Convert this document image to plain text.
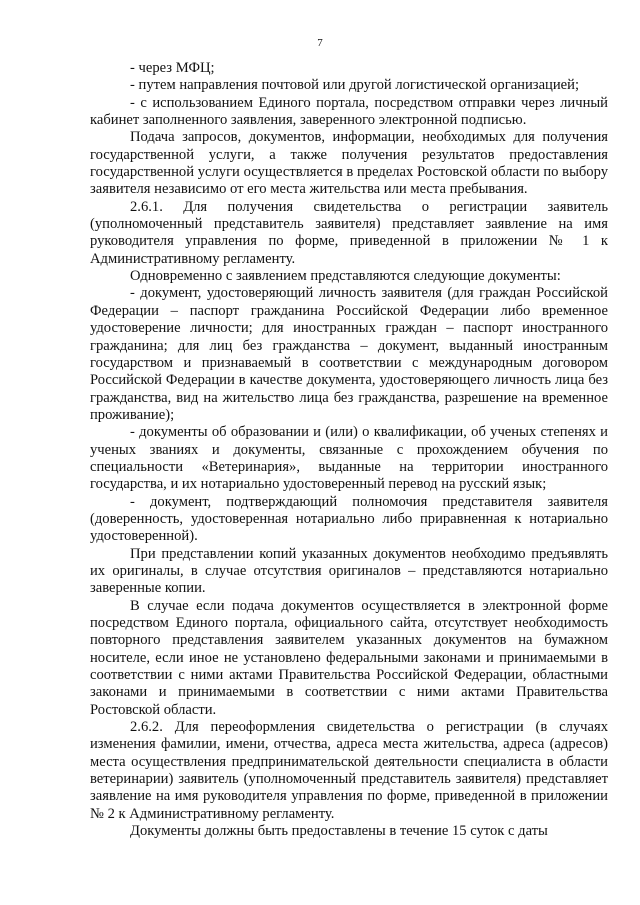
7

- через МФЦ;

- путем направления почтовой или другой логистической организацией;

- с использованием Единого портала, посредством отправки через личный кабинет заполненного заявления, заверенного электронной подписью.

Подача запросов, документов, информации, необходимых для получения государственной услуги, а также получения результатов предоставления государственной услуги осуществляется в пределах Ростовской области по выбору заявителя независимо от его места жительства или места пребывания.

2.6.1. Для получения свидетельства о регистрации заявитель (уполномоченный представитель заявителя) представляет заявление на имя руководителя управления по форме, приведенной в приложении № 1 к Административному регламенту.

Одновременно с заявлением представляются следующие документы:

- документ, удостоверяющий личность заявителя (для граждан Российской Федерации – паспорт гражданина Российской Федерации либо временное удостоверение личности; для иностранных граждан – паспорт иностранного гражданина; для лиц без гражданства – документ, выданный иностранным государством и признаваемый в соответствии с международным договором Российской Федерации в качестве документа, удостоверяющего личность лица без гражданства, вид на жительство лица без гражданства, разрешение на временное проживание);

- документы об образовании и (или) о квалификации, об ученых степенях и ученых званиях и документы, связанные с прохождением обучения по специальности «Ветеринария», выданные на территории иностранного государства, и их нотариально удостоверенный перевод на русский язык;

- документ, подтверждающий полномочия представителя заявителя (доверенность, удостоверенная нотариально либо приравненная к нотариально удостоверенной).

При представлении копий указанных документов необходимо предъявлять их оригиналы, в случае отсутствия оригиналов – представляются нотариально заверенные копии.

В случае если подача документов осуществляется в электронной форме посредством Единого портала, официального сайта, отсутствует необходимость повторного представления заявителем указанных документов на бумажном носителе, если иное не установлено федеральными законами и принимаемыми в соответствии с ними актами Правительства Российской Федерации, областными законами и принимаемыми в соответствии с ними актами Правительства Ростовской области.

2.6.2. Для переоформления свидетельства о регистрации (в случаях изменения фамилии, имени, отчества, адреса места жительства, адреса (адресов) места осуществления предпринимательской деятельности специалиста в области ветеринарии) заявитель (уполномоченный представитель заявителя) представляет заявление на имя руководителя управления по форме, приведенной в приложении № 2 к Административному регламенту.

Документы должны быть предоставлены в течение 15 суток с даты
